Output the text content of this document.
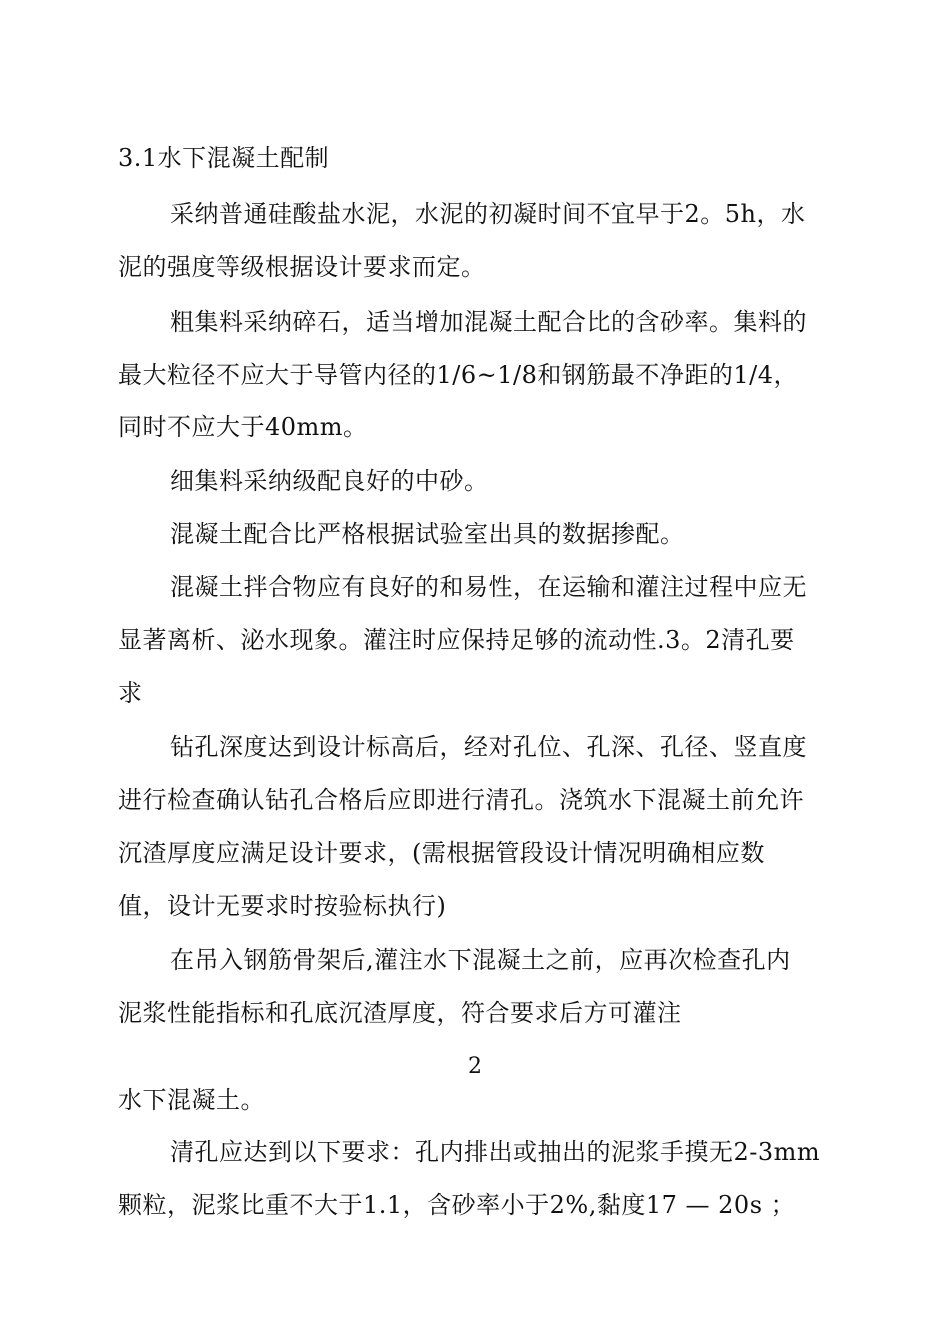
3.1水下混凝土配制
采纳普通硅酸盐水泥，水泥的初凝时间不宜早于2。5h，水
泥的强度等级根据设计要求而定。
粗集料采纳碎石，适当增加混凝土配合比的含砂率。集料的
最大粒径不应大于导管内径的1/6~1/8和钢筋最不净距的1/4，
同时不应大于40mm。
细集料采纳级配良好的中砂。
混凝土配合比严格根据试验室出具的数据掺配。
混凝土拌合物应有良好的和易性，在运输和灌注过程中应无
显著离析、泌水现象。灌注时应保持足够的流动性.3。2清孔要
求
钻孔深度达到设计标高后，经对孔位、孔深、孔径、竖直度
进行检查确认钻孔合格后应即进行清孔。浇筑水下混凝土前允许
沉渣厚度应满足设计要求，(需根据管段设计情况明确相应数
值，设计无要求时按验标执行)
在吊入钢筋骨架后,灌注水下混凝土之前，应再次检查孔内
泥浆性能指标和孔底沉渣厚度，符合要求后方可灌注
2
水下混凝土。
清孔应达到以下要求：孔内排出或抽出的泥浆手摸无2-3mm
颗粒，泥浆比重不大于1.1，含砂率小于2%,黏度17 — 20s ；
